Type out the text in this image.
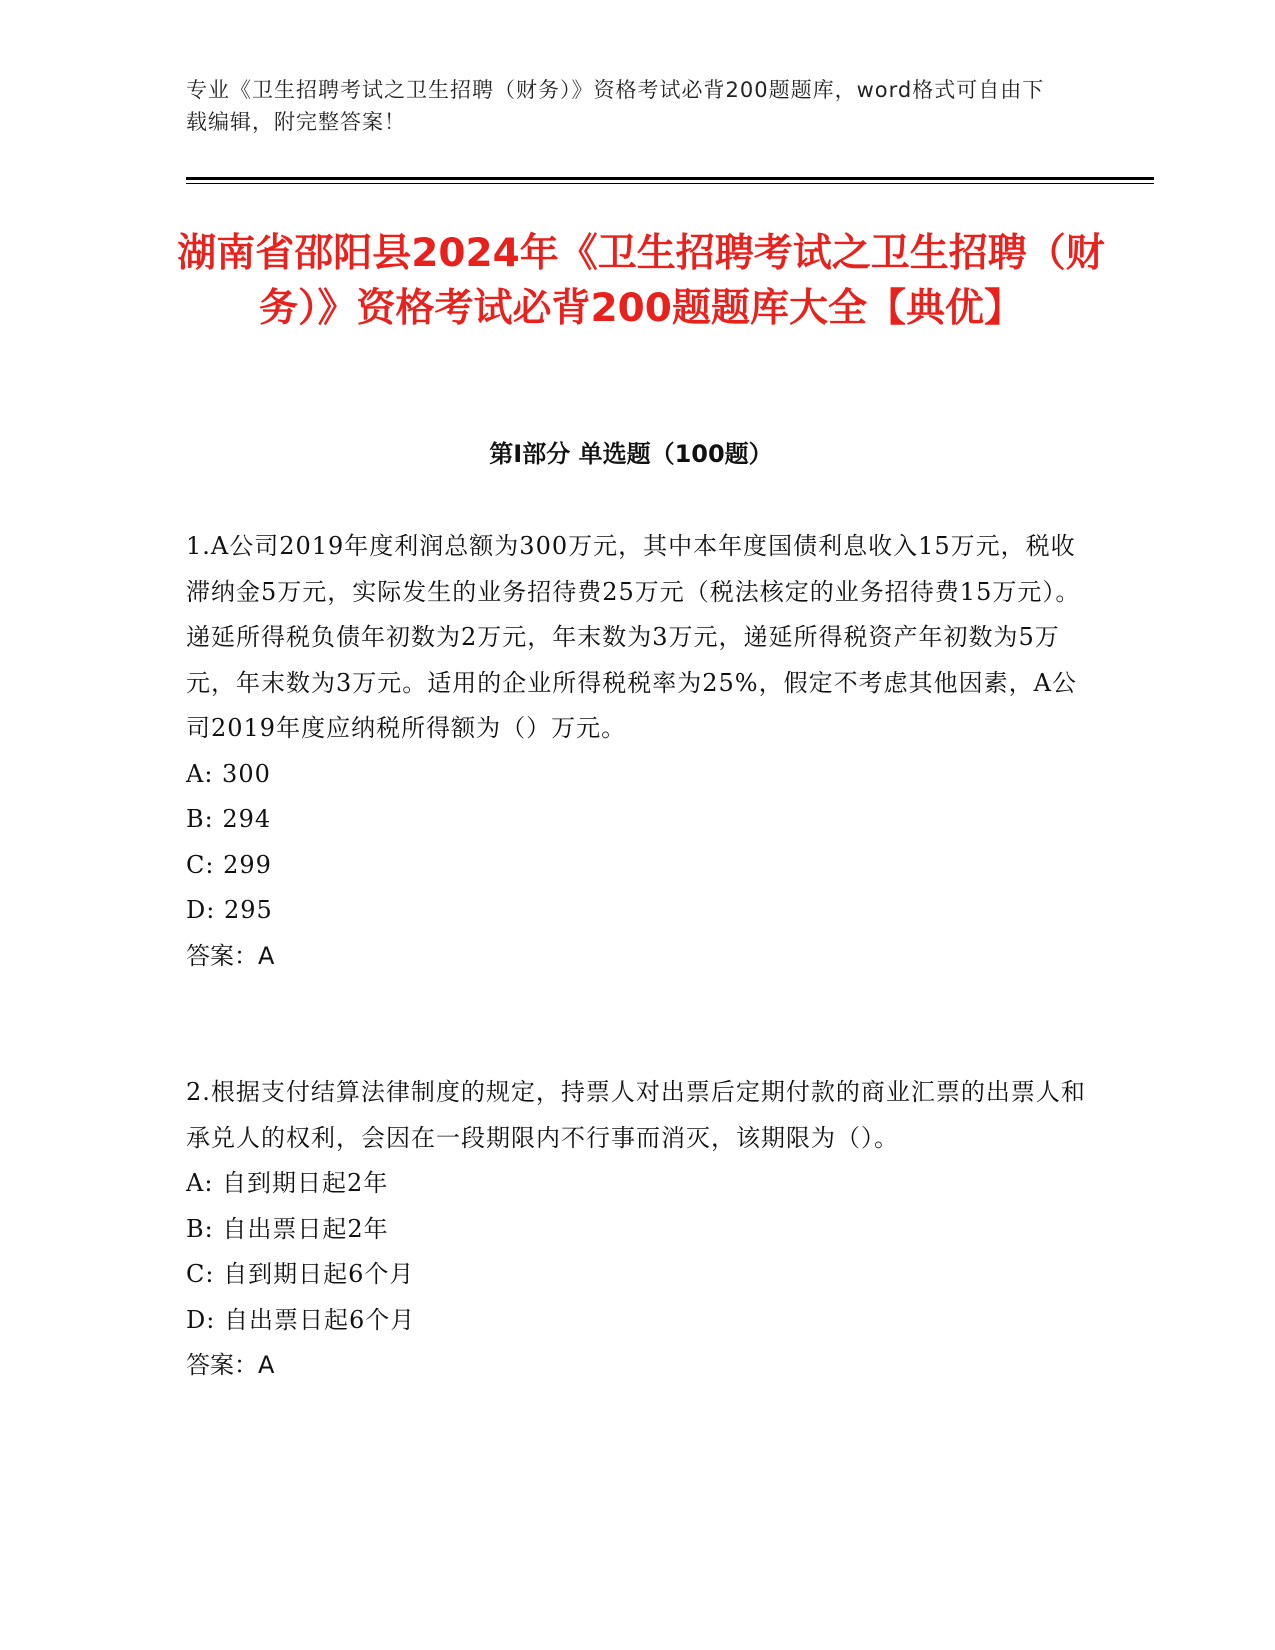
专业《卫生招聘考试之卫生招聘（财务）》资格考试必背200题题库，word格式可自由下载编辑，附完整答案！
湖南省邵阳县2024年《卫生招聘考试之卫生招聘（财务）》资格考试必背200题题库大全【典优】
第Ⅰ部分 单选题（100题）

1.A公司2019年度利润总额为300万元，其中本年度国债利息收入15万元，税收滞纳金5万元，实际发生的业务招待费25万元（税法核定的业务招待费15万元）。递延所得税负债年初数为2万元，年末数为3万元，递延所得税资产年初数为5万元，年末数为3万元。适用的企业所得税税率为25%，假定不考虑其他因素，A公司2019年度应纳税所得额为（）万元。

A: 300

B: 294

C: 299

D: 295

答案：A

2.根据支付结算法律制度的规定，持票人对出票后定期付款的商业汇票的出票人和承兑人的权利，会因在一段期限内不行事而消灭，该期限为（）。

A: 自到期日起2年

B: 自出票日起2年

C: 自到期日起6个月

D: 自出票日起6个月

答案：A
